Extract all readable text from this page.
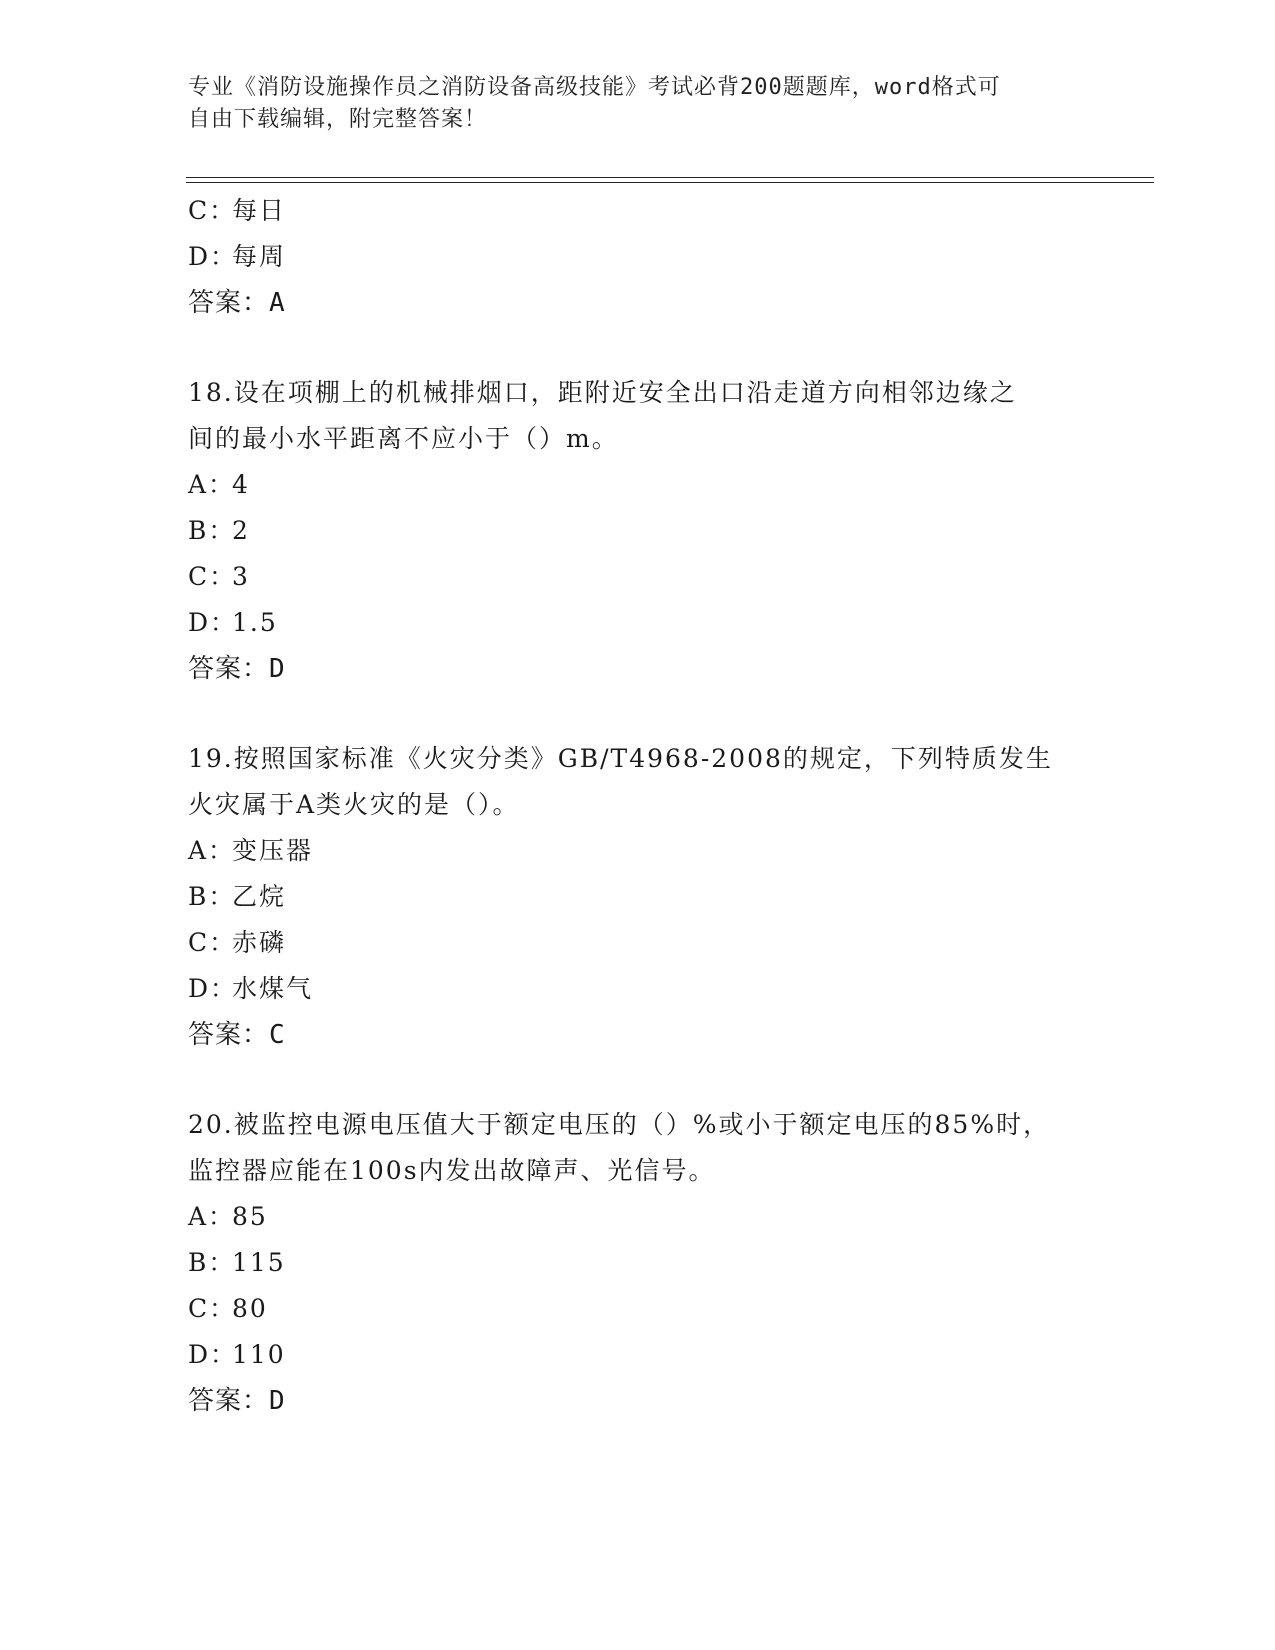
专业《消防设施操作员之消防设备高级技能》考试必背200题题库，word格式可
自由下载编辑，附完整答案！
C：每日
D：每周
答案：A
18.设在项棚上的机械排烟口，距附近安全出口沿走道方向相邻边缘之
间的最小水平距离不应小于（）m。
A：4
B：2
C：3
D：1.5
答案：D
19.按照国家标准《火灾分类》GB/T4968-2008的规定，下列特质发生
火灾属于A类火灾的是（）。
A：变压器
B：乙烷
C：赤磷
D：水煤气
答案：C
20.被监控电源电压值大于额定电压的（）%或小于额定电压的85%时，
监控器应能在100s内发出故障声、光信号。
A：85
B：115
C：80
D：110
答案：D
